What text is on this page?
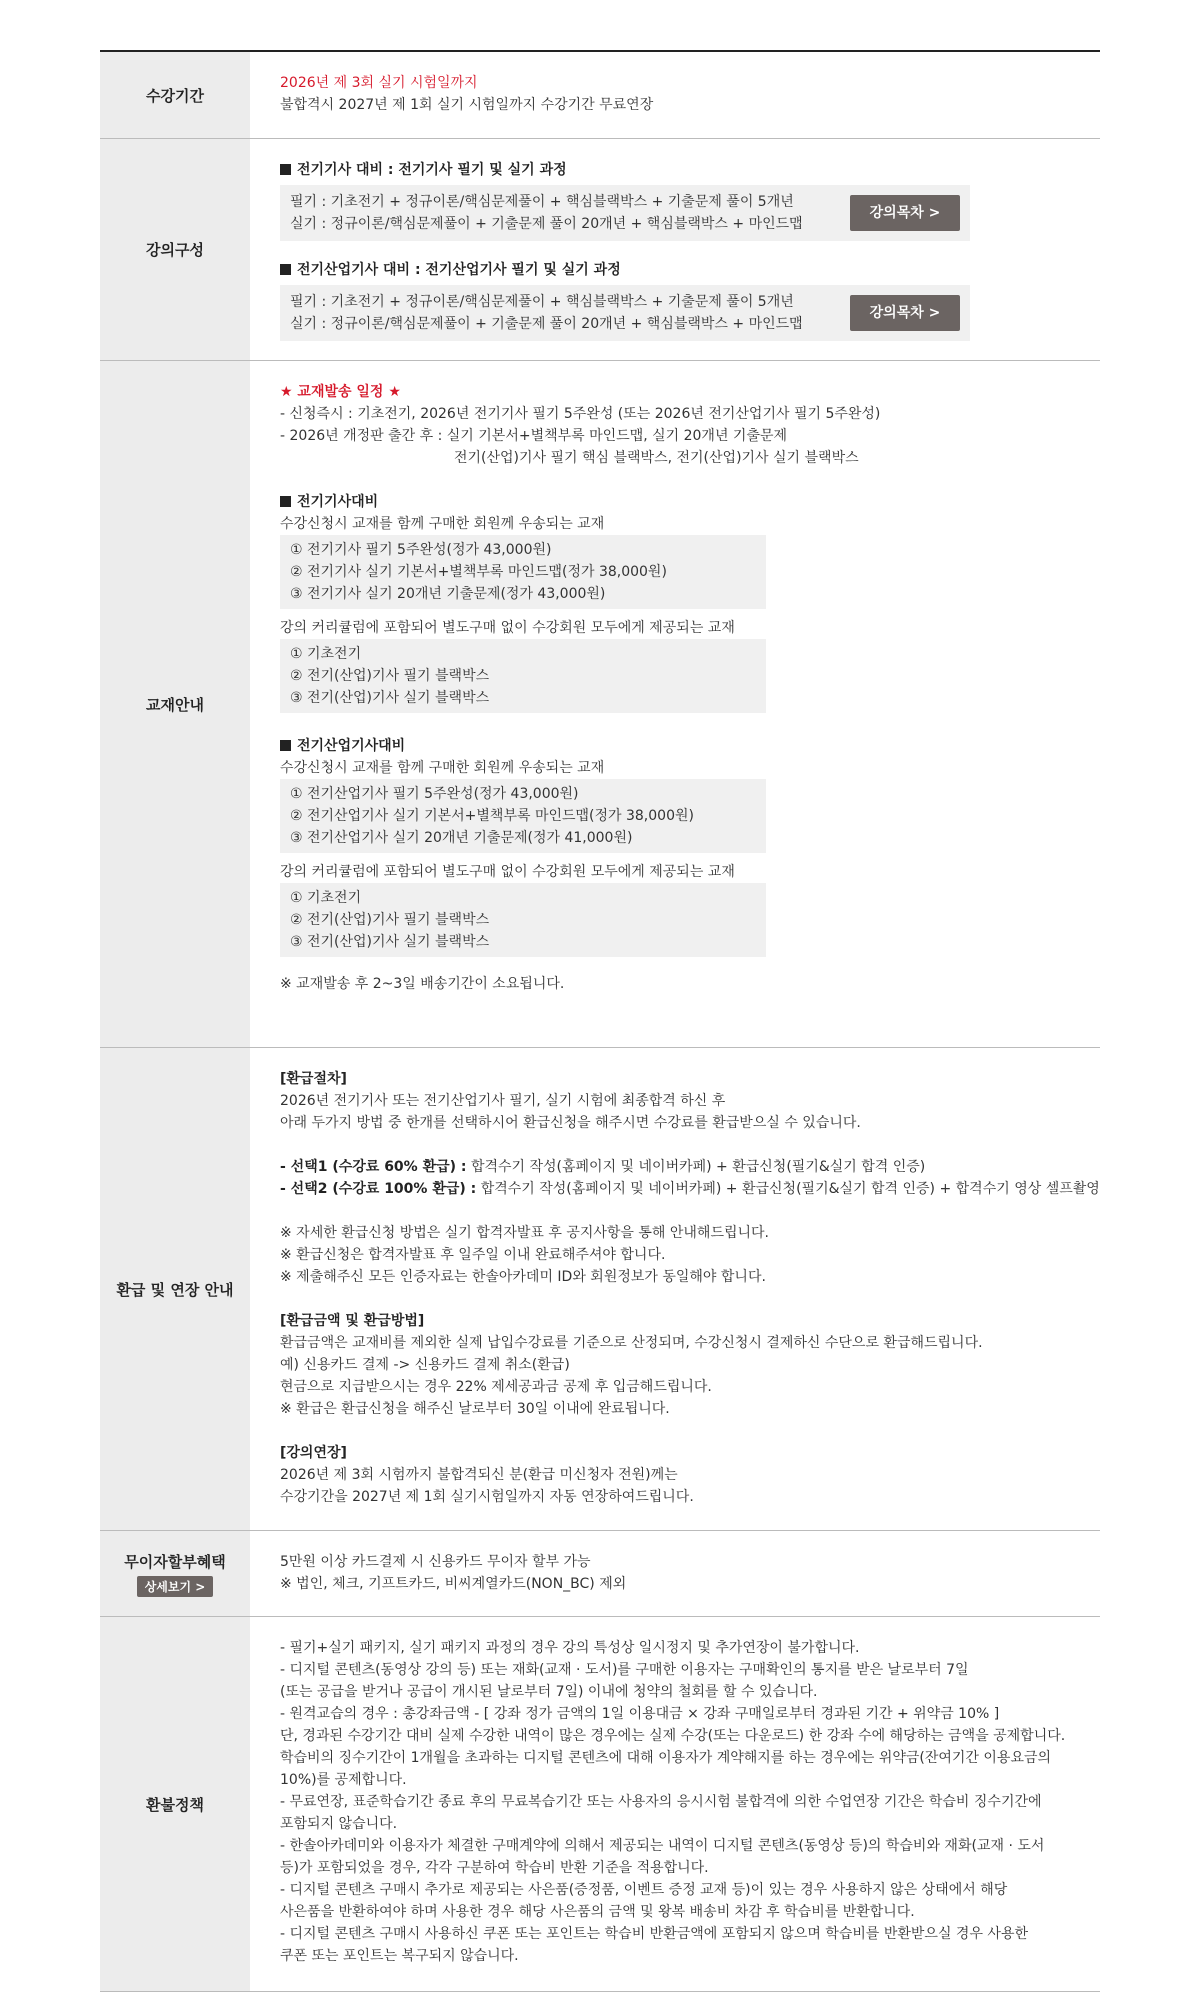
수강기간
2026년 제 3회 실기 시험일까지
불합격시 2027년 제 1회 실기 시험일까지 수강기간 무료연장
강의구성
전기기사 대비 : 전기기사 필기 및 실기 과정
필기 : 기초전기 + 정규이론/핵심문제풀이 + 핵심블랙박스 + 기출문제 풀이 5개년
실기 : 정규이론/핵심문제풀이 + 기출문제 풀이 20개년 + 핵심블랙박스 + 마인드맵
강의목차 >
전기산업기사 대비 : 전기산업기사 필기 및 실기 과정
필기 : 기초전기 + 정규이론/핵심문제풀이 + 핵심블랙박스 + 기출문제 풀이 5개년
실기 : 정규이론/핵심문제풀이 + 기출문제 풀이 20개년 + 핵심블랙박스 + 마인드맵
강의목차 >
교재안내
★ 교재발송 일정 ★
- 신청즉시 : 기초전기, 2026년 전기기사 필기 5주완성 (또는 2026년 전기산업기사 필기 5주완성)
- 2026년 개정판 출간 후 : 실기 기본서+별책부록 마인드맵, 실기 20개년 기출문제
전기(산업)기사 필기 핵심 블랙박스, 전기(산업)기사 실기 블랙박스
전기기사대비
수강신청시 교재를 함께 구매한 회원께 우송되는 교재
① 전기기사 필기 5주완성(정가 43,000원)
② 전기기사 실기 기본서+별책부록 마인드맵(정가 38,000원)
③ 전기기사 실기 20개년 기출문제(정가 43,000원)
강의 커리큘럼에 포함되어 별도구매 없이 수강회원 모두에게 제공되는 교재
① 기초전기
② 전기(산업)기사 필기 블랙박스
③ 전기(산업)기사 실기 블랙박스
전기산업기사대비
수강신청시 교재를 함께 구매한 회원께 우송되는 교재
① 전기산업기사 필기 5주완성(정가 43,000원)
② 전기산업기사 실기 기본서+별책부록 마인드맵(정가 38,000원)
③ 전기산업기사 실기 20개년 기출문제(정가 41,000원)
강의 커리큘럼에 포함되어 별도구매 없이 수강회원 모두에게 제공되는 교재
① 기초전기
② 전기(산업)기사 필기 블랙박스
③ 전기(산업)기사 실기 블랙박스
※ 교재발송 후 2~3일 배송기간이 소요됩니다.
환급 및 연장 안내
[환급절차]
2026년 전기기사 또는 전기산업기사 필기, 실기 시험에 최종합격 하신 후
아래 두가지 방법 중 한개를 선택하시어 환급신청을 해주시면 수강료를 환급받으실 수 있습니다.
- 선택1 (수강료 60% 환급) : 합격수기 작성(홈페이지 및 네이버카페) + 환급신청(필기&실기 합격 인증)
- 선택2 (수강료 100% 환급) : 합격수기 작성(홈페이지 및 네이버카페) + 환급신청(필기&실기 합격 인증) + 합격수기 영상 셀프촬영
※ 자세한 환급신청 방법은 실기 합격자발표 후 공지사항을 통해 안내해드립니다.
※ 환급신청은 합격자발표 후 일주일 이내 완료해주셔야 합니다.
※ 제출해주신 모든 인증자료는 한솔아카데미 ID와 회원정보가 동일해야 합니다.
[환급금액 및 환급방법]
환급금액은 교재비를 제외한 실제 납입수강료를 기준으로 산정되며, 수강신청시 결제하신 수단으로 환급해드립니다.
예) 신용카드 결제 -> 신용카드 결제 취소(환급)
현금으로 지급받으시는 경우 22% 제세공과금 공제 후 입금해드립니다.
※ 환급은 환급신청을 해주신 날로부터 30일 이내에 완료됩니다.
[강의연장]
2026년 제 3회 시험까지 불합격되신 분(환급 미신청자 전원)께는
수강기간을 2027년 제 1회 실기시험일까지 자동 연장하여드립니다.
무이자할부혜택
상세보기 >
5만원 이상 카드결제 시 신용카드 무이자 할부 가능
※ 법인, 체크, 기프트카드, 비씨계열카드(NON_BC) 제외
환불정책
- 필기+실기 패키지, 실기 패키지 과정의 경우 강의 특성상 일시정지 및 추가연장이 불가합니다.
- 디지털 콘텐츠(동영상 강의 등) 또는 재화(교재 · 도서)를 구매한 이용자는 구매확인의 통지를 받은 날로부터 7일
(또는 공급을 받거나 공급이 개시된 날로부터 7일) 이내에 청약의 철회를 할 수 있습니다.
- 원격교습의 경우 : 총강좌금액 - [ 강좌 정가 금액의 1일 이용대금 × 강좌 구매일로부터 경과된 기간 + 위약금 10% ]
단, 경과된 수강기간 대비 실제 수강한 내역이 많은 경우에는 실제 수강(또는 다운로드) 한 강좌 수에 해당하는 금액을 공제합니다.
학습비의 징수기간이 1개월을 초과하는 디지털 콘텐츠에 대해 이용자가 계약해지를 하는 경우에는 위약금(잔여기간 이용요금의
10%)를 공제합니다.
- 무료연장, 표준학습기간 종료 후의 무료복습기간 또는 사용자의 응시시험 불합격에 의한 수업연장 기간은 학습비 징수기간에
포함되지 않습니다.
- 한솔아카데미와 이용자가 체결한 구매계약에 의해서 제공되는 내역이 디지털 콘텐츠(동영상 등)의 학습비와 재화(교재 · 도서
등)가 포함되었을 경우, 각각 구분하여 학습비 반환 기준을 적용합니다.
- 디지털 콘텐츠 구매시 추가로 제공되는 사은품(증정품, 이벤트 증정 교재 등)이 있는 경우 사용하지 않은 상태에서 해당
사은품을 반환하여야 하며 사용한 경우 해당 사은품의 금액 및 왕복 배송비 차감 후 학습비를 반환합니다.
- 디지털 콘텐츠 구매시 사용하신 쿠폰 또는 포인트는 학습비 반환금액에 포함되지 않으며 학습비를 반환받으실 경우 사용한
쿠폰 또는 포인트는 복구되지 않습니다.
